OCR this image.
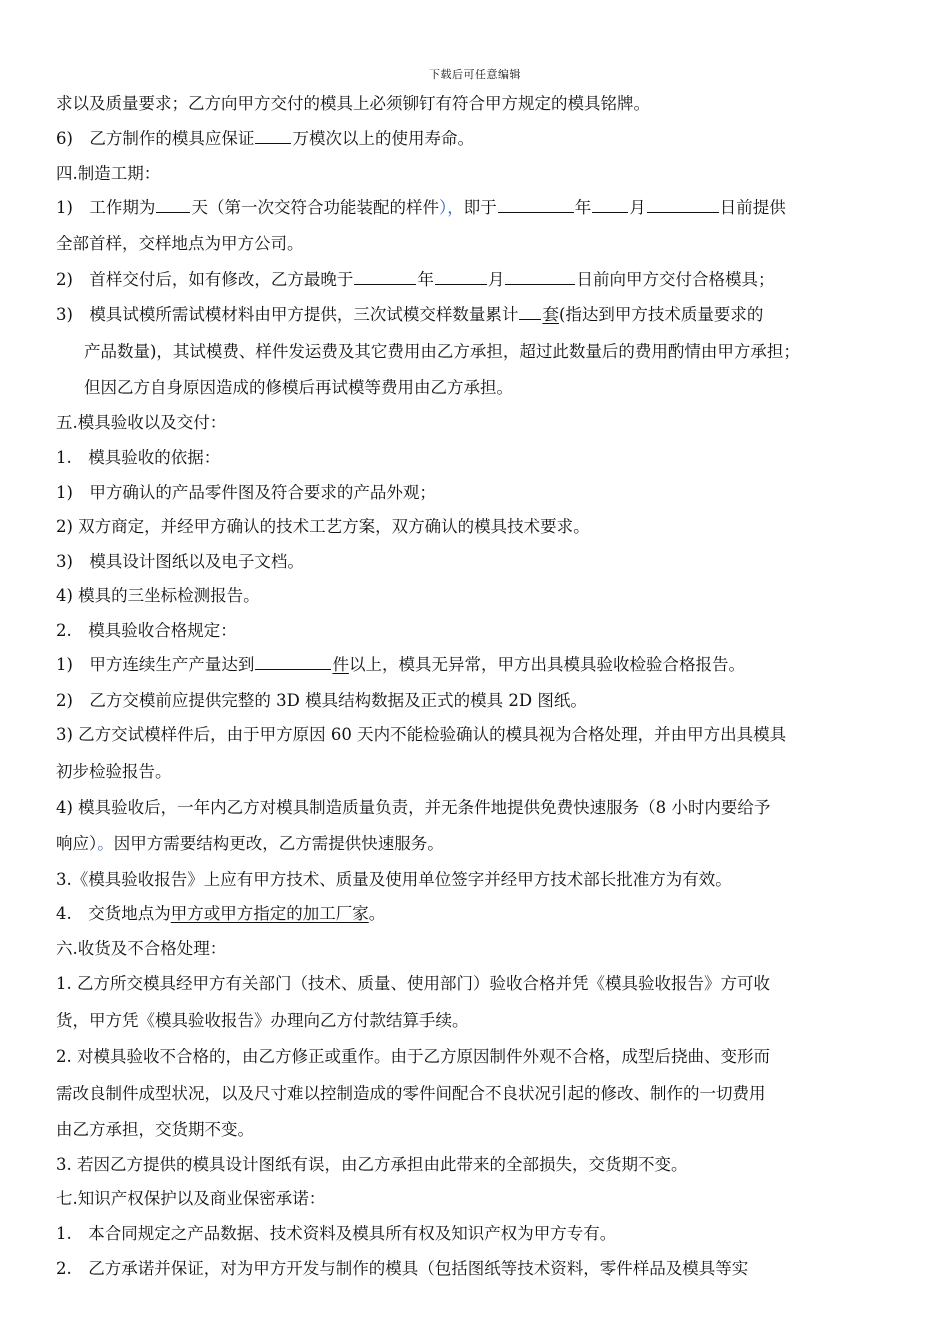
下载后可任意编辑
求以及质量要求；乙方向甲方交付的模具上必须铆钉有符合甲方规定的模具铭牌。
6)　乙方制作的模具应保证 万模次以上的使用寿命。
四.制造工期：
1)　工作期为 天（第一次交符合功能装配的样件），即于	年 月	日前提供
全部首样，交样地点为甲方公司。
2)　首样交付后，如有修改，乙方最晚于	年	月	日前向甲方交付合格模具；
3)　模具试模所需试模材料由甲方提供，三次试模交样数量累计 套(指达到甲方技术质量要求的
产品数量)，其试模费、样件发运费及其它费用由乙方承担，超过此数量后的费用酌情由甲方承担；
但因乙方自身原因造成的修模后再试模等费用由乙方承担。
五.模具验收以及交付：
1.　模具验收的依据：
1)　甲方确认的产品零件图及符合要求的产品外观；
2) 双方商定，并经甲方确认的技术工艺方案，双方确认的模具技术要求。
3)　模具设计图纸以及电子文档。
4) 模具的三坐标检测报告。
2.　模具验收合格规定：
1)　甲方连续生产产量达到	件以上，模具无异常，甲方出具模具验收检验合格报告。
2)　乙方交模前应提供完整的 3D 模具结构数据及正式的模具 2D 图纸。
3) 乙方交试模样件后，由于甲方原因 60 天内不能检验确认的模具视为合格处理，并由甲方出具模具
初步检验报告。
4) 模具验收后，一年内乙方对模具制造质量负责，并无条件地提供免费快速服务（8 小时内要给予
响应）。因甲方需要结构更改，乙方需提供快速服务。
3.《模具验收报告》上应有甲方技术、质量及使用单位签字并经甲方技术部长批准方为有效。
4.　交货地点为甲方或甲方指定的加工厂家。
六.收货及不合格处理：
1. 乙方所交模具经甲方有关部门（技术、质量、使用部门）验收合格并凭《模具验收报告》方可收
货，甲方凭《模具验收报告》办理向乙方付款结算手续。
2. 对模具验收不合格的，由乙方修正或重作。由于乙方原因制件外观不合格，成型后挠曲、变形而
需改良制件成型状况，以及尺寸难以控制造成的零件间配合不良状况引起的修改、制作的一切费用
由乙方承担，交货期不变。
3. 若因乙方提供的模具设计图纸有误，由乙方承担由此带来的全部损失，交货期不变。
七.知识产权保护以及商业保密承诺：
1.　本合同规定之产品数据、技术资料及模具所有权及知识产权为甲方专有。
2.　乙方承诺并保证，对为甲方开发与制作的模具（包括图纸等技术资料，零件样品及模具等实
